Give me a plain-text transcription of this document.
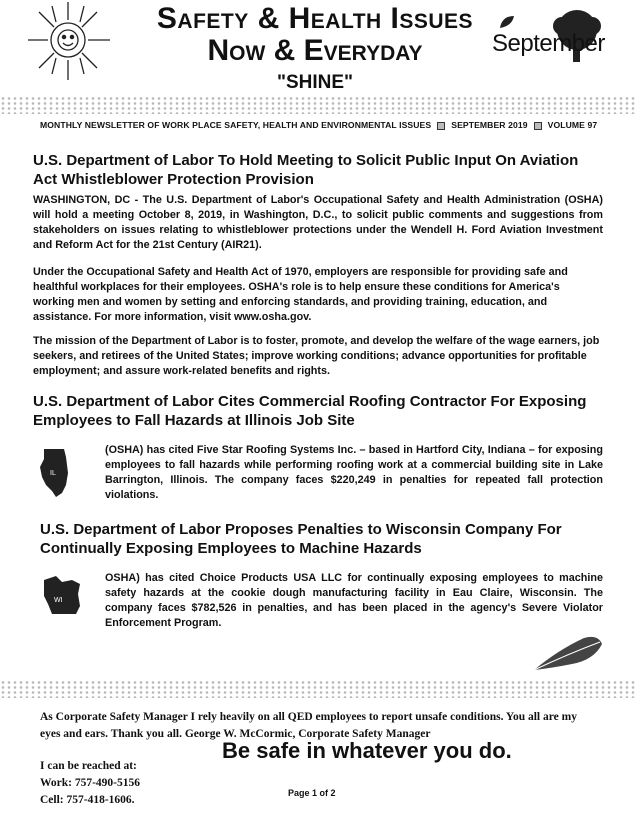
Safety & Health Issues
Now & Everyday
"SHINE"
September
MONTHLY NEWSLETTER OF WORK PLACE SAFETY, HEALTH AND ENVIRONMENTAL ISSUES SEPTEMBER 2019 VOLUME 97
U.S. Department of Labor To Hold Meeting to Solicit Public Input On Aviation Act Whistleblower Protection Provision

WASHINGTON, DC - The U.S. Department of Labor's Occupational Safety and Health Administration (OSHA) will hold a meeting October 8, 2019, in Washington, D.C., to solicit public comments and suggestions from stakeholders on issues relating to whistleblower protections under the Wendell H. Ford Aviation Investment and Reform Act for the 21st Century (AIR21).

Under the Occupational Safety and Health Act of 1970, employers are responsible for providing safe and healthful workplaces for their employees. OSHA's role is to help ensure these conditions for America's working men and women by setting and enforcing standards, and providing training, education, and assistance. For more information, visit www.osha.gov.

The mission of the Department of Labor is to foster, promote, and develop the welfare of the wage earners, job seekers, and retirees of the United States; improve working conditions; advance opportunities for profitable employment; and assure work-related benefits and rights.

U.S. Department of Labor Cites Commercial Roofing Contractor For Exposing Employees to Fall Hazards at Illinois Job Site
IL

(OSHA) has cited Five Star Roofing Systems Inc. – based in Hartford City, Indiana – for exposing employees to fall hazards while performing roofing work at a commercial building site in Lake Barrington, Illinois. The company faces $220,249 in penalties for repeated fall protection violations.

U.S. Department of Labor Proposes Penalties to Wisconsin Company For Continually Exposing Employees to Machine Hazards
WI

OSHA) has cited Choice Products USA LLC for continually exposing employees to machine safety hazards at the cookie dough manufacturing facility in Eau Claire, Wisconsin. The company faces $782,526 in penalties, and has been placed in the agency's Severe Violator Enforcement Program.

As Corporate Safety Manager I rely heavily on all QED employees to report unsafe conditions. You all are my eyes and ears. Thank you all. George W. McCormic, Corporate Safety Manager
Be safe in whatever you do.
I can be reached at:
Work: 757-490-5156
Cell: 757-418-1606.
Page 1 of 2
